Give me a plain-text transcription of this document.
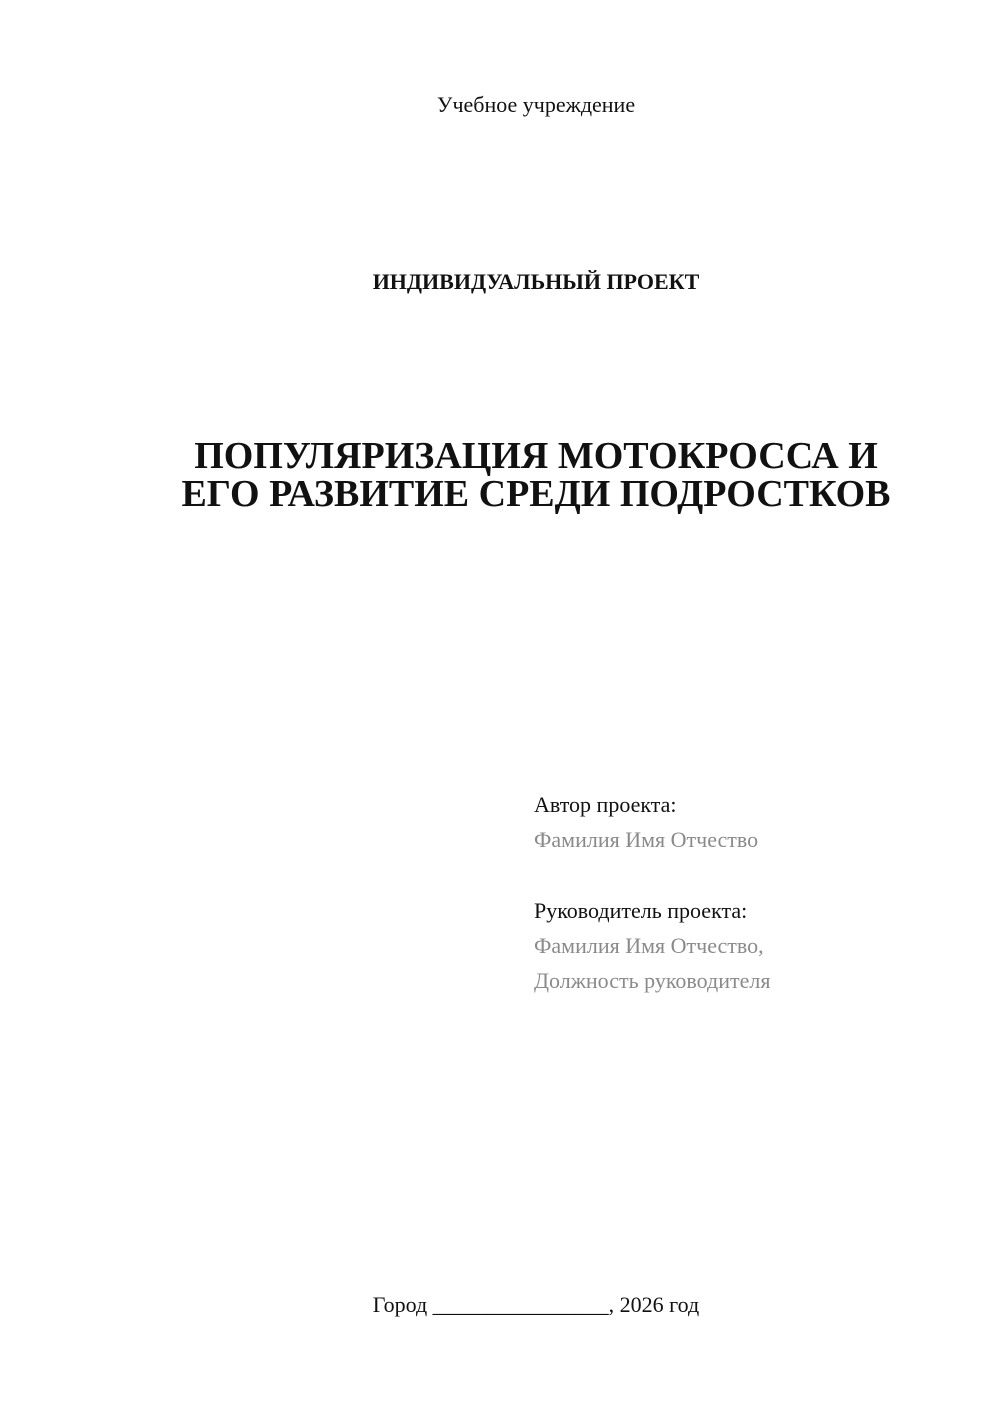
Учебное учреждение
ИНДИВИДУАЛЬНЫЙ ПРОЕКТ
ПОПУЛЯРИЗАЦИЯ МОТОКРОССА И
ЕГО РАЗВИТИЕ СРЕДИ ПОДРОСТКОВ
Автор проекта:
Фамилия Имя Отчество
Руководитель проекта:
Фамилия Имя Отчество,
Должность руководителя
Город ________________, 2026 год
